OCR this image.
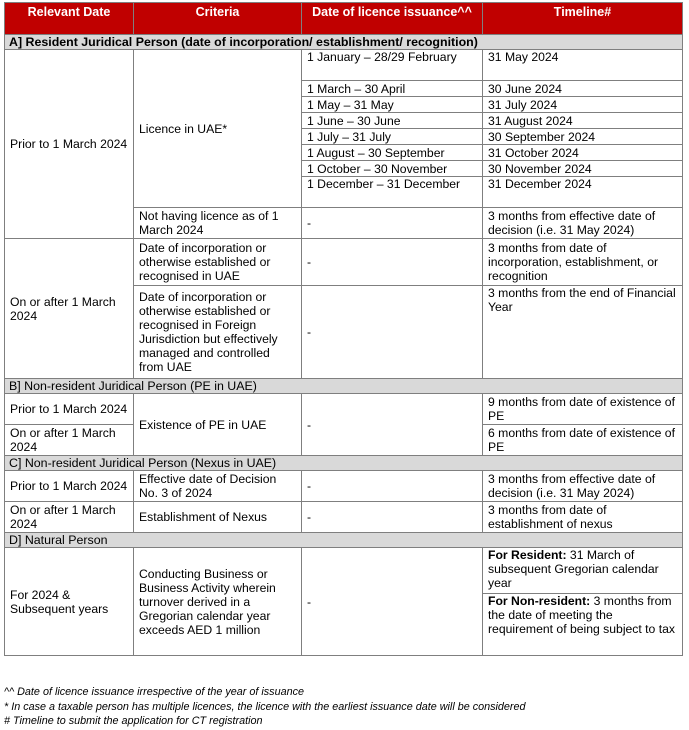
Relevant Date	Criteria	Date of licence issuance^^	Timeline#
A] Resident Juridical Person (date of incorporation/ establishment/ recognition)			
Prior to 1 March 2024	Licence in UAE*	1 January – 28/29 February	31 May 2024
		1 March – 30 April	30 June 2024
		1 May – 31 May	31 July 2024
		1 June – 30 June	31 August 2024
		1 July – 31 July	30 September 2024
		1 August – 30 September	31 October 2024
		1 October – 30 November	30 November 2024
		1 December – 31 December	31 December 2024
	Not having licence as of 1 March 2024	-	3 months from effective date of decision (i.e. 31 May 2024)
On or after 1 March 2024	Date of incorporation or otherwise established or recognised in UAE	-	3 months from date of incorporation, establishment, or recognition
	Date of incorporation or otherwise established or recognised in Foreign Jurisdiction but effectively managed and controlled from UAE	-	3 months from the end of Financial Year
B] Non-resident Juridical Person (PE in UAE)			
Prior to 1 March 2024	Existence of PE in UAE	-	9 months from date of existence of PE
On or after 1 March 2024			6 months from date of existence of PE
C] Non-resident Juridical Person (Nexus in UAE)			
Prior to 1 March 2024	Effective date of Decision No. 3 of 2024	-	3 months from effective date of decision (i.e. 31 May 2024)
On or after 1 March 2024	Establishment of Nexus	-	3 months from date of establishment of nexus
D] Natural Person			
For 2024 & Subsequent years	Conducting Business or Business Activity wherein turnover derived in a Gregorian calendar year exceeds AED 1 million	-	For Resident: 31 March of subsequent Gregorian calendar year
			For Non-resident: 3 months from the date of meeting the requirement of being subject to tax
^^ Date of licence issuance irrespective of the year of issuance
* In case a taxable person has multiple licences, the licence with the earliest issuance date will be considered
# Timeline to submit the application for CT registration
